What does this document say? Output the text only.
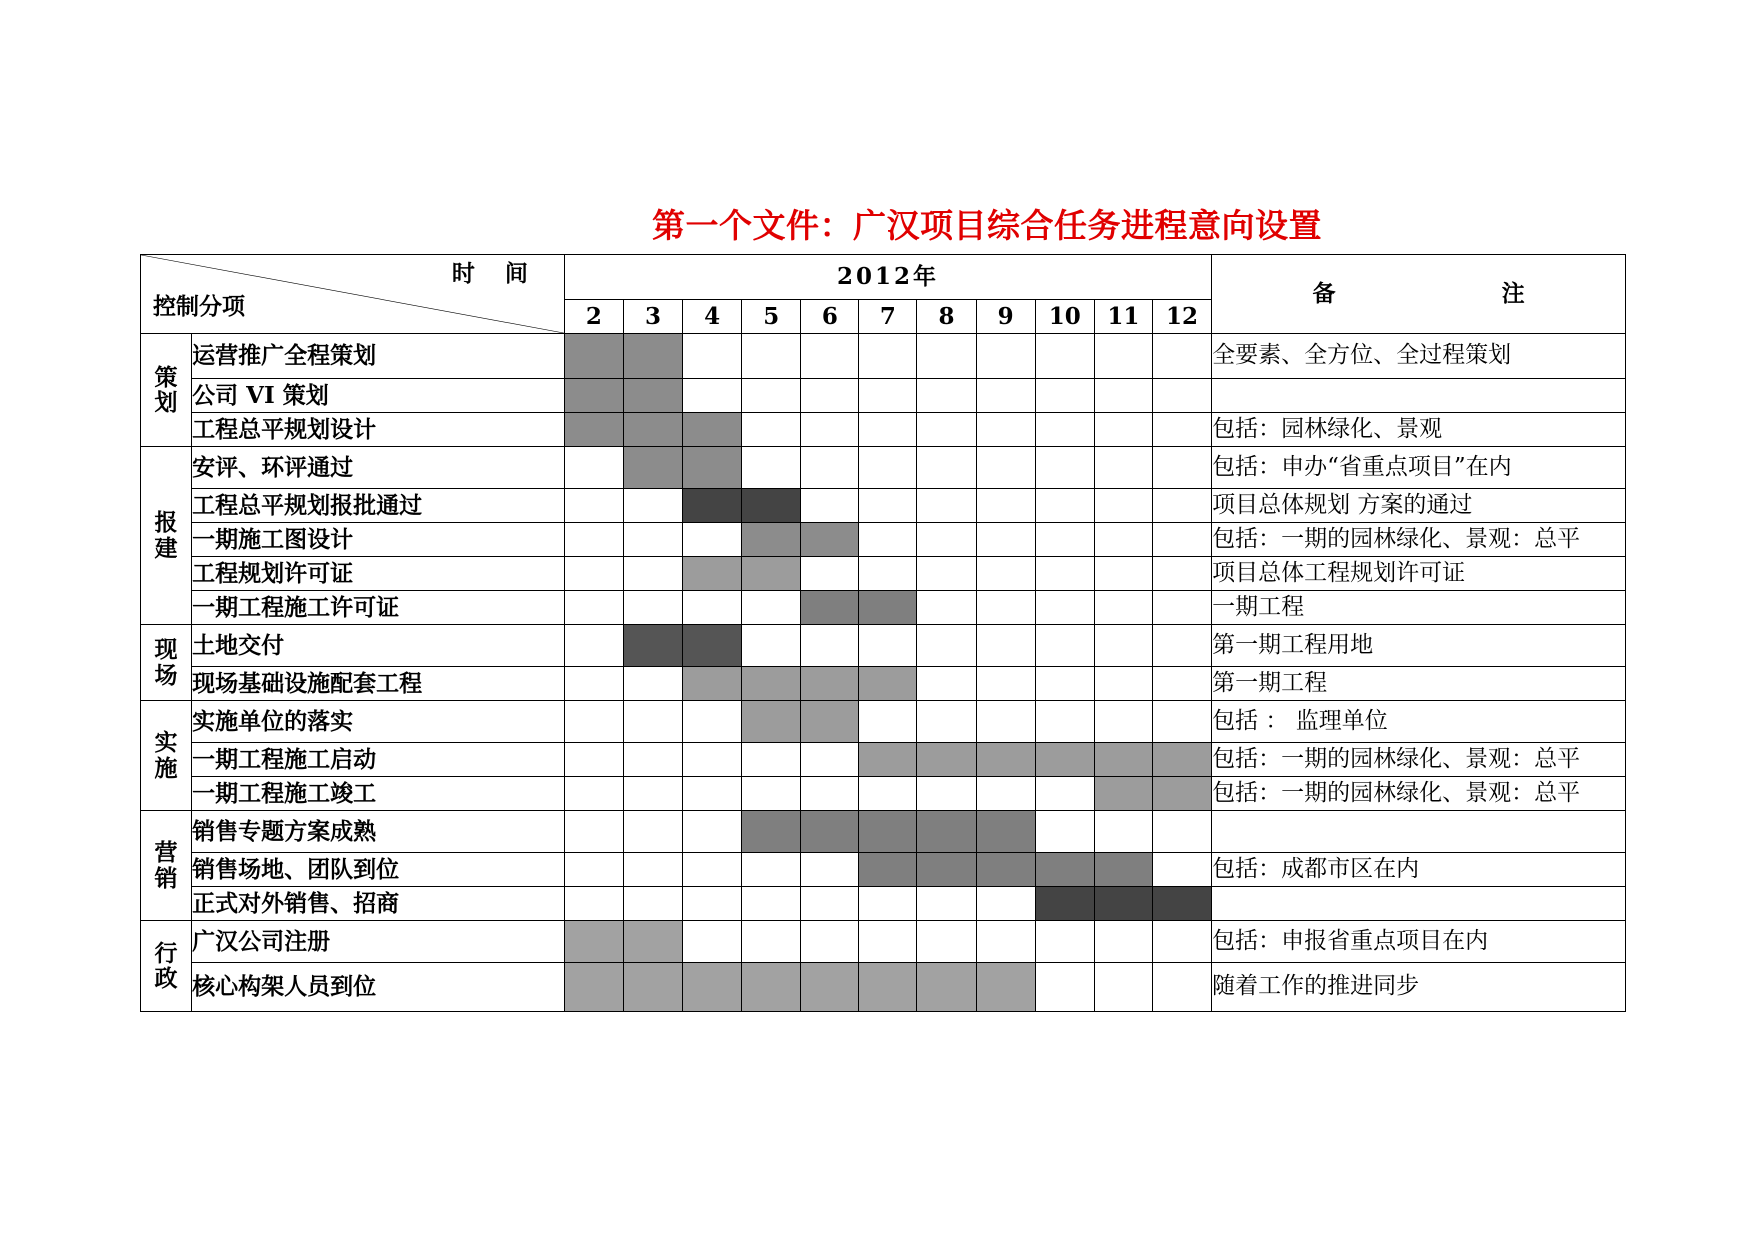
第一个文件：广汉项目综合任务进程意向设置
时 间
控制分项		2012年											备 注
		2	3	4	5	6	7	8	9	10	11	12	

策
划	运营推广全程策划												全要素、全方位、全过程策划
	公司 VI 策划												
	工程总平规划设计												包括：园林绿化、景观

报
建	安评、环评通过												包括：申办“省重点项目”在内
	工程总平规划报批通过												项目总体规划 方案的通过
	一期施工图设计												包括：一期的园林绿化、景观：总平
	工程规划许可证												项目总体工程规划许可证
	一期工程施工许可证												一期工程

现
场	土地交付												第一期工程用地
	现场基础设施配套工程												第一期工程

实
施	实施单位的落实												包括 ： 监理单位
	一期工程施工启动												包括：一期的园林绿化、景观：总平
	一期工程施工竣工												包括：一期的园林绿化、景观：总平

营
销	销售专题方案成熟												
	销售场地、团队到位												包括：成都市区在内
	正式对外销售、招商												

行
政	广汉公司注册												包括：申报省重点项目在内
	核心构架人员到位												随着工作的推进同步
